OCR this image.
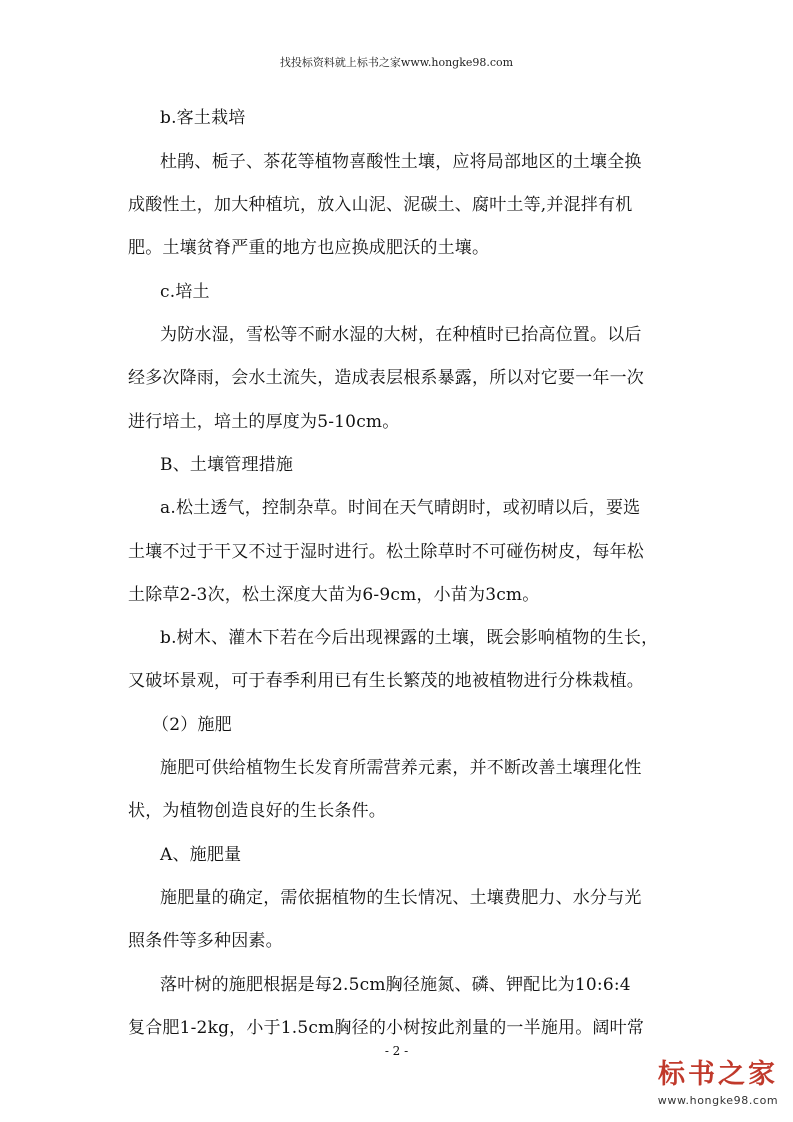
找投标资料就上标书之家www.hongke98.com
b.客土栽培
杜鹃、栀子、茶花等植物喜酸性土壤，应将局部地区的土壤全换
成酸性土，加大种植坑，放入山泥、泥碳土、腐叶土等,并混拌有机
肥。土壤贫脊严重的地方也应换成肥沃的土壤。
c.培土
为防水湿，雪松等不耐水湿的大树，在种植时已抬高位置。以后
经多次降雨，会水土流失，造成表层根系暴露，所以对它要一年一次
进行培土，培土的厚度为5-10cm。
B、土壤管理措施
a.松土透气，控制杂草。时间在天气晴朗时，或初晴以后，要选
土壤不过于干又不过于湿时进行。松土除草时不可碰伤树皮，每年松
土除草2-3次，松土深度大苗为6-9cm，小苗为3cm。
b.树木、灌木下若在今后出现裸露的土壤，既会影响植物的生长，
又破坏景观，可于春季利用已有生长繁茂的地被植物进行分株栽植。
（2）施肥
施肥可供给植物生长发育所需营养元素，并不断改善土壤理化性
状，为植物创造良好的生长条件。
A、施肥量
施肥量的确定，需依据植物的生长情况、土壤费肥力、水分与光
照条件等多种因素。
落叶树的施肥根据是每2.5cm胸径施氮、磷、钾配比为10:6:4
复合肥1-2kg，小于1.5cm胸径的小树按此剂量的一半施用。阔叶常
- 2 -
标书之家
www.hongke98.com
